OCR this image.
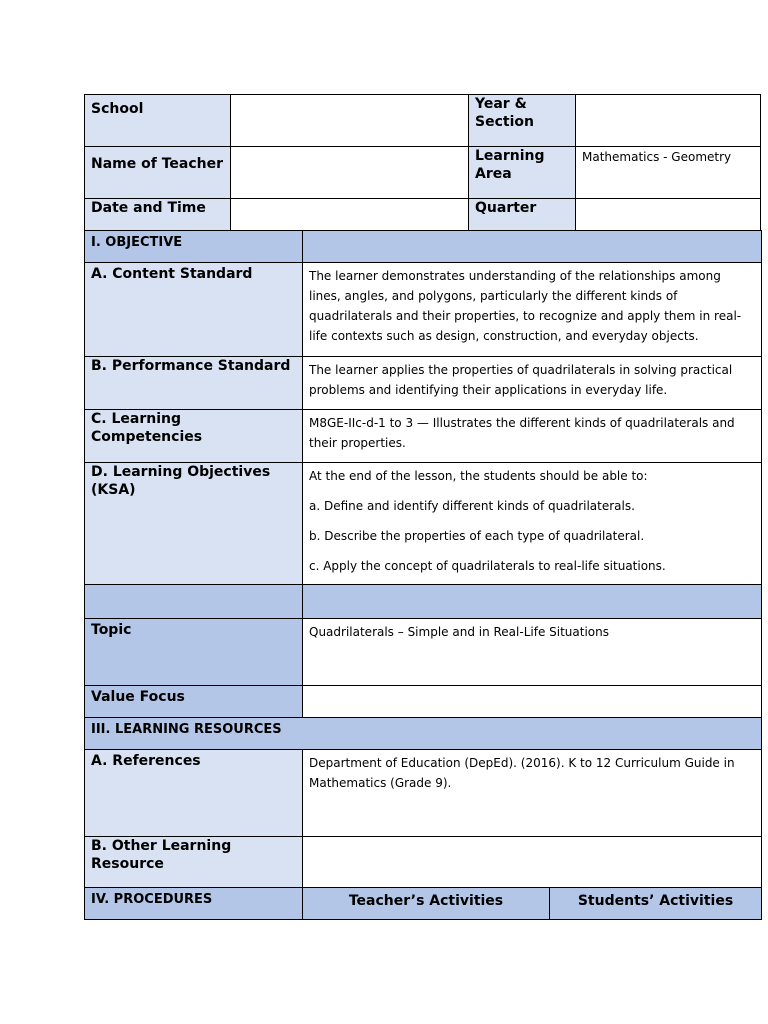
School		Year & Section	
Name of Teacher		Learning Area	Mathematics - Geometry
Date and Time		Quarter	
I. OBJECTIVE		
A. Content Standard	The learner demonstrates understanding of the relationships among lines, angles, and polygons, particularly the different kinds of quadrilaterals and their properties, to recognize and apply them in real-life contexts such as design, construction, and everyday objects.	
B. Performance Standard	The learner applies the properties of quadrilaterals in solving practical problems and identifying their applications in everyday life.	
C. Learning Competencies	M8GE-IIc-d-1 to 3 — Illustrates the different kinds of quadrilaterals and their properties.	
D. Learning Objectives (KSA)	At the end of the lesson, the students should be able to:

a. Define and identify different kinds of quadrilaterals.

b. Describe the properties of each type of quadrilateral.

c. Apply the concept of quadrilaterals to real-life situations.	

Topic	Quadrilaterals – Simple and in Real-Life Situations	
Value Focus		
III. LEARNING RESOURCES		
A. References	Department of Education (DepEd). (2016). K to 12 Curriculum Guide in Mathematics (Grade 9).	
B. Other Learning Resource		
IV. PROCEDURES	Teacher’s Activities	Students’ Activities
